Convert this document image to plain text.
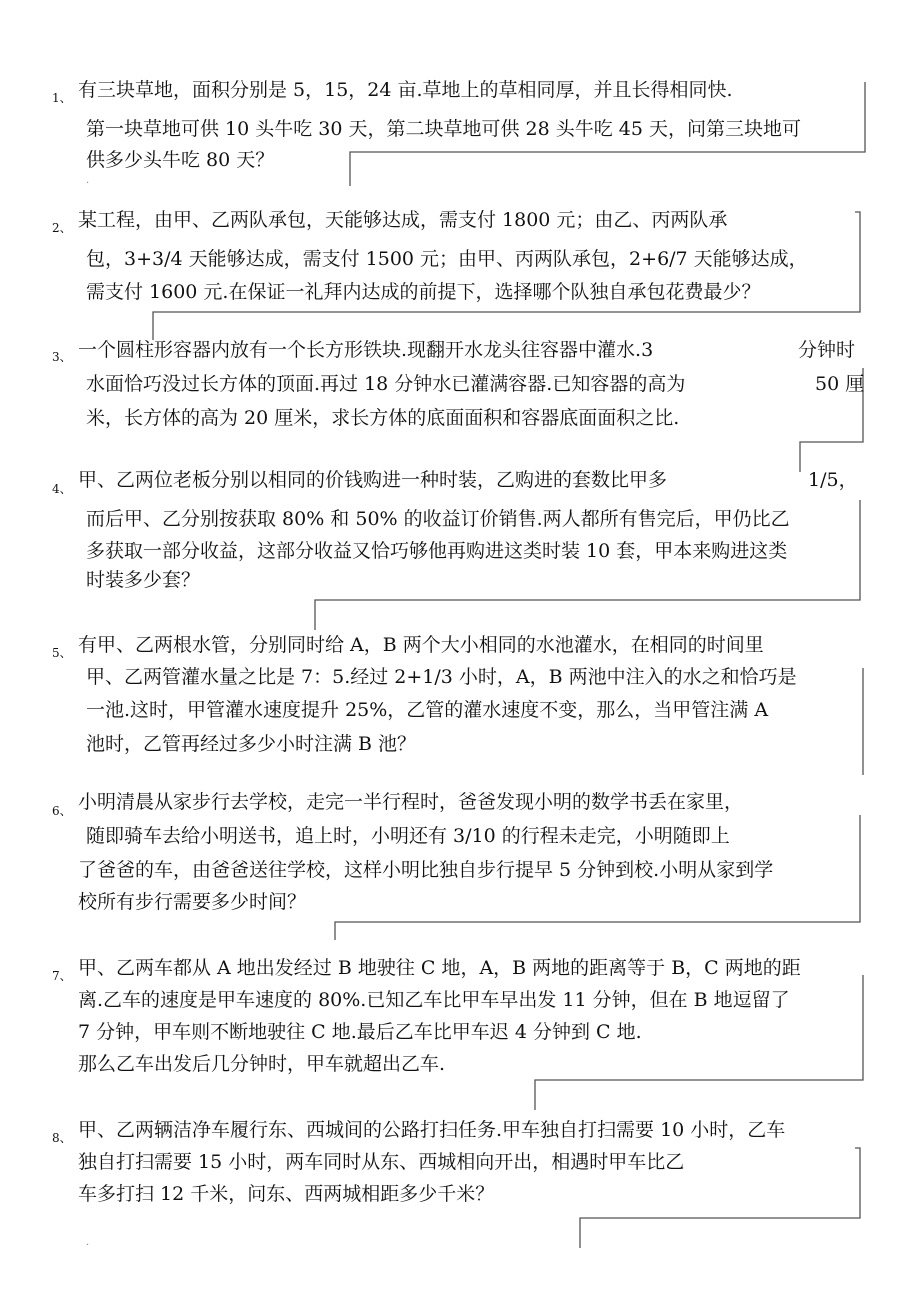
1、 有三块草地，面积分别是 5，15，24 亩.草地上的草相同厚，并且长得相同快.
第一块草地可供 10 头牛吃 30 天，第二块草地可供 28 头牛吃 45 天，问第三块地可
供多少头牛吃 80 天？
2、 某工程，由甲、乙两队承包，天能够达成，需支付 1800 元；由乙、丙两队承
包，3+3/4 天能够达成，需支付 1500 元；由甲、丙两队承包，2+6/7 天能够达成，
需支付 1600 元.在保证一礼拜内达成的前提下，选择哪个队独自承包花费最少？
3、 一个圆柱形容器内放有一个长方形铁块.现翻开水龙头往容器中灌水.3	分钟时
水面恰巧没过长方体的顶面.再过 18 分钟水已灌满容器.已知容器的高为	50 厘
米，长方体的高为 20 厘米，求长方体的底面面积和容器底面面积之比.
4、 甲、乙两位老板分别以相同的价钱购进一种时装，乙购进的套数比甲多	1/5，
而后甲、乙分别按获取 80% 和 50% 的收益订价销售.两人都所有售完后，甲仍比乙
多获取一部分收益，这部分收益又恰巧够他再购进这类时装 10 套，甲本来购进这类
时装多少套？
5、 有甲、乙两根水管，分别同时给 A，B 两个大小相同的水池灌水，在相同的时间里
甲、乙两管灌水量之比是 7：5.经过 2+1/3 小时，A，B 两池中注入的水之和恰巧是
一池.这时，甲管灌水速度提升 25%，乙管的灌水速度不变，那么，当甲管注满 A
池时，乙管再经过多少小时注满 B 池？
6、 小明清晨从家步行去学校，走完一半行程时，爸爸发现小明的数学书丢在家里，
随即骑车去给小明送书，追上时，小明还有 3/10 的行程未走完，小明随即上
了爸爸的车，由爸爸送往学校，这样小明比独自步行提早 5 分钟到校.小明从家到学
校所有步行需要多少时间？
7、 甲、乙两车都从 A 地出发经过 B 地驶往 C 地，A，B 两地的距离等于 B，C 两地的距
离.乙车的速度是甲车速度的 80%.已知乙车比甲车早出发 11 分钟，但在 B 地逗留了
7 分钟，甲车则不断地驶往 C 地.最后乙车比甲车迟 4 分钟到 C 地.
那么乙车出发后几分钟时，甲车就超出乙车.
8、 甲、乙两辆洁净车履行东、西城间的公路打扫任务.甲车独自打扫需要 10 小时，乙车
独自打扫需要 15 小时，两车同时从东、西城相向开出，相遇时甲车比乙
车多打扫 12 千米，问东、西两城相距多少千米？
·
·
